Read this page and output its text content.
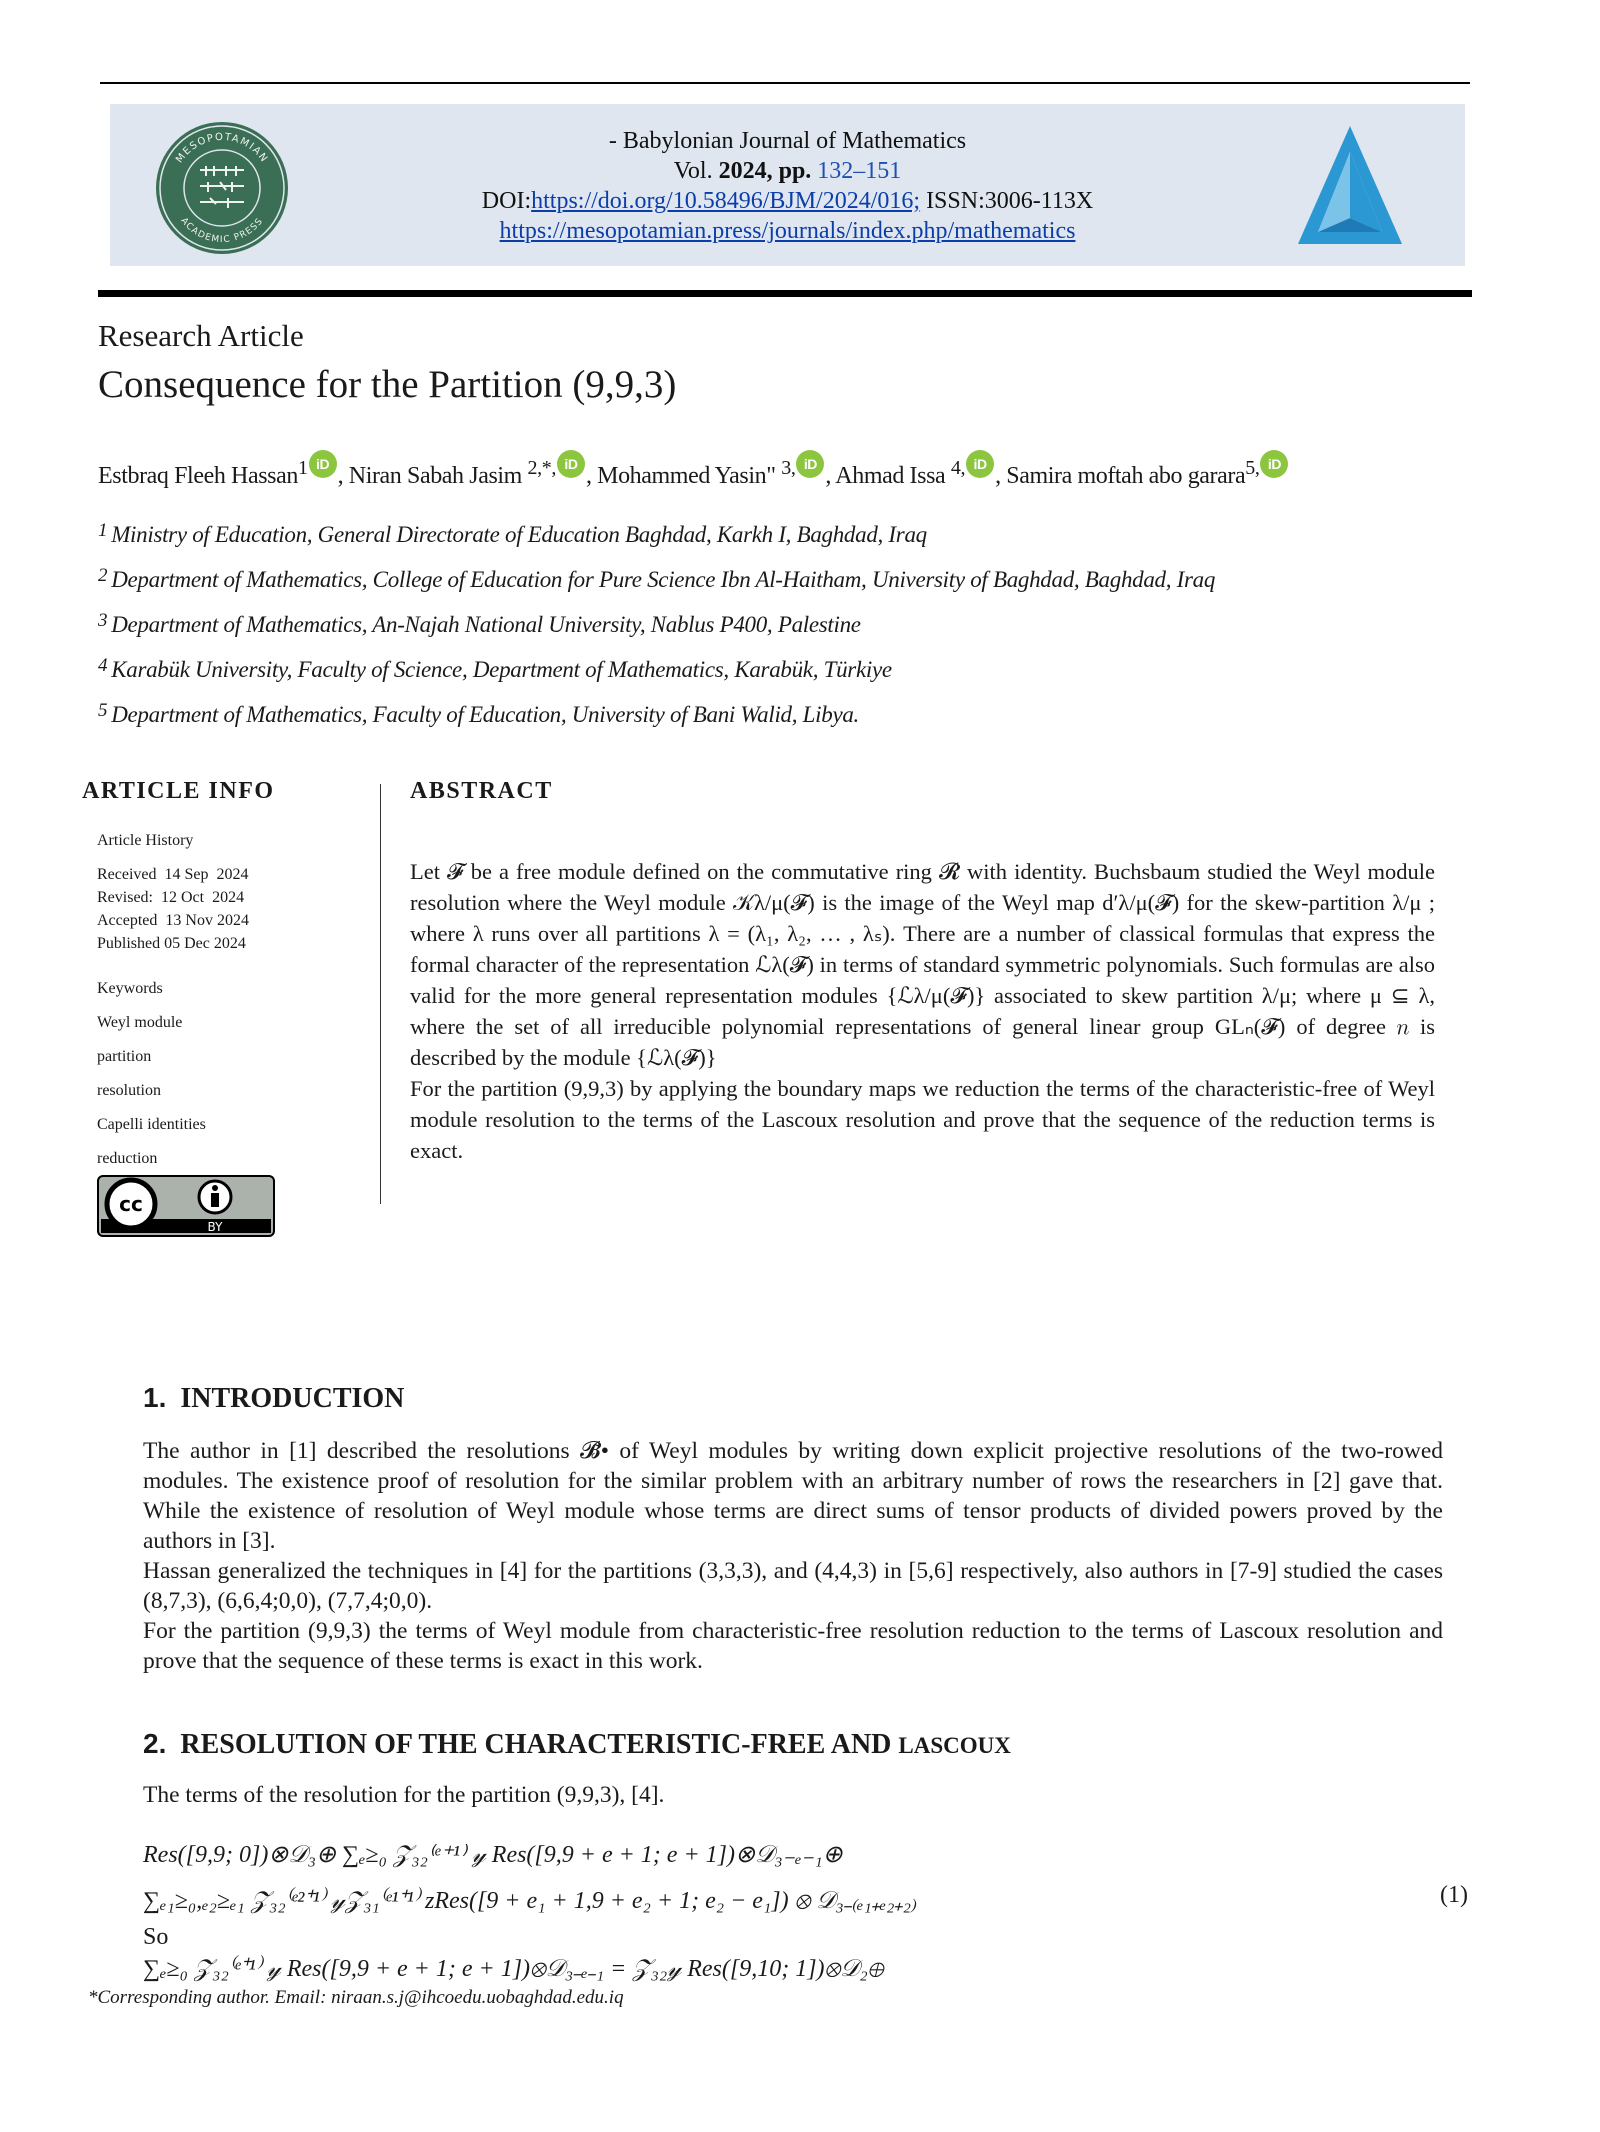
- Babylonian Journal of Mathematics
Vol. 2024, pp. 132–151
DOI:https://doi.org/10.58496/BJM/2024/016; ISSN:3006-113X
https://mesopotamian.press/journals/index.php/mathematics
MESOPOTAMIAN
ACADEMIC PRESS
Research Article
Consequence for the Partition (9,9,3)
Estbraq Fleeh Hassan$^1$ iD , Niran Sabah Jasim $^{2,*,}$ iD , Mohammed Yasin" $^{3,}$ iD , Ahmad Issa $^{4,}$ iD , Samira moftah abo garara$^{5,}$ iD
$^1$ Ministry of Education, General Directorate of Education Baghdad, Karkh I, Baghdad, Iraq
$^2$ Department of Mathematics, College of Education for Pure Science Ibn Al-Haitham, University of Baghdad, Baghdad, Iraq
$^3$ Department of Mathematics, An-Najah National University, Nablus P400, Palestine
$^4$ Karabük University, Faculty of Science, Department of Mathematics, Karabük, Türkiye
$^5$ Department of Mathematics, Faculty of Education, University of Bani Walid, Libya.
ARTICLE INFO
Article History
Received  14 Sep  2024
Revised:  12 Oct  2024
Accepted  13 Nov 2024
Published 05 Dec 2024
Keywords
Weyl module
partition
resolution
Capelli identities
reduction
cc
BY
ABSTRACT

Let 𝓕 be a free module defined on the commutative ring 𝓡 with identity. Buchsbaum studied the Weyl module resolution where the Weyl module 𝒦λ/μ(𝓕) is the image of the Weyl map d′λ/μ(𝓕) for the skew-partition λ/μ ; where λ runs over all partitions λ = (λ₁, λ₂, … , λₛ). There are a number of classical formulas that express the formal character of the representation ℒλ(𝓕) in terms of standard symmetric polynomials. Such formulas are also valid for the more general representation modules {ℒλ/μ(𝓕)} associated to skew partition λ/μ; where μ ⊆ λ, where the set of all irreducible polynomial representations of general linear group GLₙ(𝓕) of degree 𝑛 is described by the module {ℒλ(𝓕)}

For the partition (9,9,3) by applying the boundary maps we reduction the terms of the characteristic-free of Weyl module resolution to the terms of the Lascoux resolution and prove that the sequence of the reduction terms is exact.

1. INTRODUCTION

The author in [1] described the resolutions 𝓑̃• of Weyl modules by writing down explicit projective resolutions of the two-rowed modules. The existence proof of resolution for the similar problem with an arbitrary number of rows the researchers in [2] gave that. While the existence of resolution of Weyl module whose terms are direct sums of tensor products of divided powers proved by the authors in [3].

Hassan generalized the techniques in [4] for the partitions (3,3,3), and (4,4,3) in [5,6] respectively, also authors in [7-9] studied the cases (8,7,3), (6,6,4;0,0), (7,7,4;0,0).

For the partition (9,9,3) the terms of Weyl module from characteristic-free resolution reduction to the terms of Lascoux resolution and prove that the sequence of these terms is exact in this work.

2. RESOLUTION OF THE CHARACTERISTIC-FREE AND LASCOUX

The terms of the resolution for the partition (9,9,3), [4].

Res([9,9; 0])⊗𝒟₃⊕ ∑ₑ≥₀ 𝒵₃₂⁽ᵉ⁺¹⁾ 𝓎 Res([9,9 + e + 1; e + 1])⊗𝒟₃₋ₑ₋₁⊕
∑ₑ₁≥₀,ₑ₂≥ₑ₁ 𝒵₃₂⁽ᵉ²⁺¹⁾ 𝓎𝒵₃₁⁽ᵉ¹⁺¹⁾ zRes([9 + e₁ + 1,9 + e₂ + 1; e₂ − e₁]) ⊗ 𝒟₃₋₍ₑ₁₊ₑ₂₊₂₎	(1)
So
∑ₑ≥₀ 𝒵₃₂⁽ᵉ⁺¹⁾ 𝓎 Res([9,9 + e + 1; e + 1])⊗𝒟₃₋ₑ₋₁ = 𝒵₃₂𝓎 Res([9,10; 1])⊗𝒟₂⊕
*Corresponding author. Email: niraan.s.j@ihcoedu.uobaghdad.edu.iq
